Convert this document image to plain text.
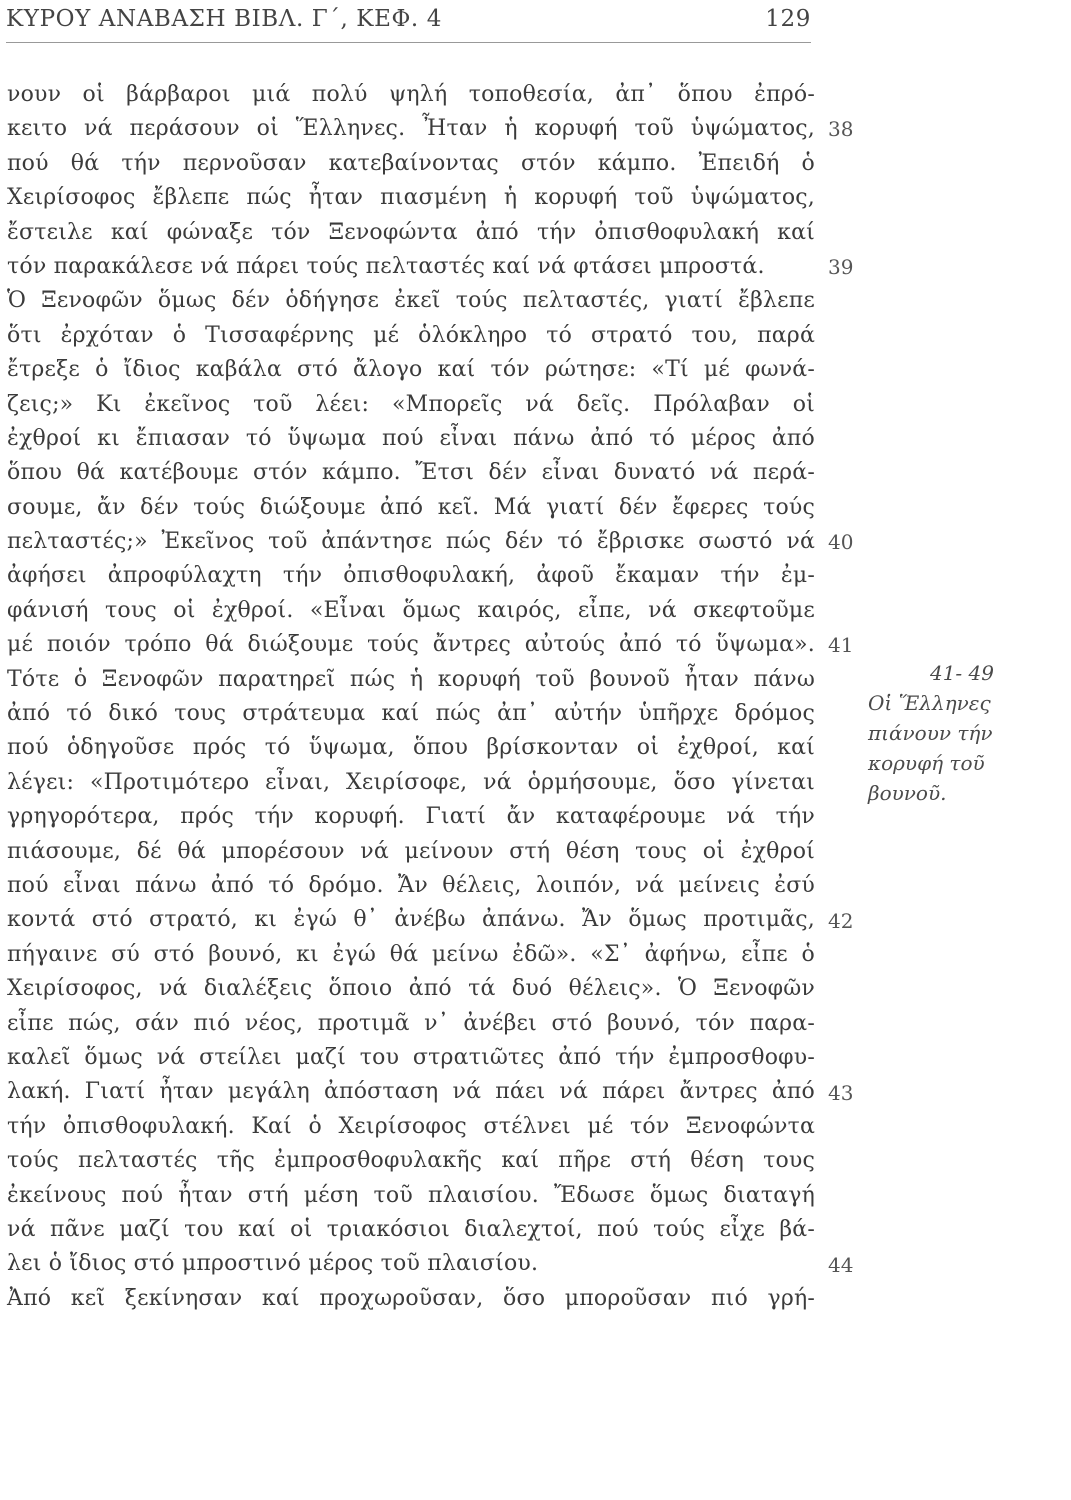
ΚΥΡΟΥ ΑΝΑΒΑΣΗ ΒΙΒΛ. Γ΄, ΚΕΦ. 4	129
νουν οἱ βάρβαροι μιά πολύ ψηλή τοποθεσία, ἀπ᾿ ὅπου ἐπρό-
κειτο νά περάσουν οἱ Ἕλληνες. Ἦταν ἡ κορυφή τοῦ ὑψώματος,
πού θά τήν περνοῦσαν κατεβαίνοντας στόν κάμπο. Ἐπειδή ὁ
Χειρίσοφος ἔβλεπε πώς ἦταν πιασμένη ἡ κορυφή τοῦ ὑψώματος,
ἔστειλε καί φώναξε τόν Ξενοφώντα ἀπό τήν ὀπισθοφυλακή καί
τόν παρακάλεσε νά πάρει τούς πελταστές καί νά φτάσει μπροστά.
Ὁ Ξενοφῶν ὅμως δέν ὁδήγησε ἐκεῖ τούς πελταστές, γιατί ἔβλεπε
ὅτι ἐρχόταν ὁ Τισσαφέρνης μέ ὁλόκληρο τό στρατό του, παρά
ἔτρεξε ὁ ἴδιος καβάλα στό ἄλογο καί τόν ρώτησε: «Τί μέ φωνά-
ζεις;» Κι ἐκεῖνος τοῦ λέει: «Μπορεῖς νά δεῖς. Πρόλαβαν οἱ
ἐχθροί κι ἔπιασαν τό ὕψωμα πού εἶναι πάνω ἀπό τό μέρος ἀπό
ὅπου θά κατέβουμε στόν κάμπο. Ἔτσι δέν εἶναι δυνατό νά περά-
σουμε, ἄν δέν τούς διώξουμε ἀπό κεῖ. Μά γιατί δέν ἔφερες τούς
πελταστές;» Ἐκεῖνος τοῦ ἀπάντησε πώς δέν τό ἔβρισκε σωστό νά
ἀφήσει ἀπροφύλαχτη τήν ὀπισθοφυλακή, ἀφοῦ ἔκαμαν τήν ἐμ-
φάνισή τους οἱ ἐχθροί. «Εἶναι ὅμως καιρός, εἶπε, νά σκεφτοῦμε
μέ ποιόν τρόπο θά διώξουμε τούς ἄντρες αὐτούς ἀπό τό ὕψωμα».
Τότε ὁ Ξενοφῶν παρατηρεῖ πώς ἡ κορυφή τοῦ βουνοῦ ἦταν πάνω
ἀπό τό δικό τους στράτευμα καί πώς ἀπ᾿ αὐτήν ὑπῆρχε δρόμος
πού ὁδηγοῦσε πρός τό ὕψωμα, ὅπου βρίσκονταν οἱ ἐχθροί, καί
λέγει: «Προτιμότερο εἶναι, Χειρίσοφε, νά ὁρμήσουμε, ὅσο γίνεται
γρηγορότερα, πρός τήν κορυφή. Γιατί ἄν καταφέρουμε νά τήν
πιάσουμε, δέ θά μπορέσουν νά μείνουν στή θέση τους οἱ ἐχθροί
πού εἶναι πάνω ἀπό τό δρόμο. Ἄν θέλεις, λοιπόν, νά μείνεις ἐσύ
κοντά στό στρατό, κι ἐγώ θ᾿ ἀνέβω ἀπάνω. Ἄν ὅμως προτιμᾶς,
πήγαινε σύ στό βουνό, κι ἐγώ θά μείνω ἐδῶ». «Σ᾿ ἀφήνω, εἶπε ὁ
Χειρίσοφος, νά διαλέξεις ὅποιο ἀπό τά δυό θέλεις». Ὁ Ξενοφῶν
εἶπε πώς, σάν πιό νέος, προτιμᾶ ν᾿ ἀνέβει στό βουνό, τόν παρα-
καλεῖ ὅμως νά στείλει μαζί του στρατιῶτες ἀπό τήν ἐμπροσθοφυ-
λακή. Γιατί ἦταν μεγάλη ἀπόσταση νά πάει νά πάρει ἄντρες ἀπό
τήν ὀπισθοφυλακή. Καί ὁ Χειρίσοφος στέλνει μέ τόν Ξενοφώντα
τούς πελταστές τῆς ἐμπροσθοφυλακῆς καί πῆρε στή θέση τους
ἐκείνους πού ἦταν στή μέση τοῦ πλαισίου. Ἔδωσε ὅμως διαταγή
νά πᾶνε μαζί του καί οἱ τριακόσιοι διαλεχτοί, πού τούς εἶχε βά-
λει ὁ ἴδιος στό μπροστινό μέρος τοῦ πλαισίου.
Ἀπό κεῖ ξεκίνησαν καί προχωροῦσαν, ὅσο μποροῦσαν πιό γρή-
38
39
40
41
42
43
44
41- 49
Οἱ Ἕλληνες
πιάνουν τήν
κορυφή τοῦ
βουνοῦ.
